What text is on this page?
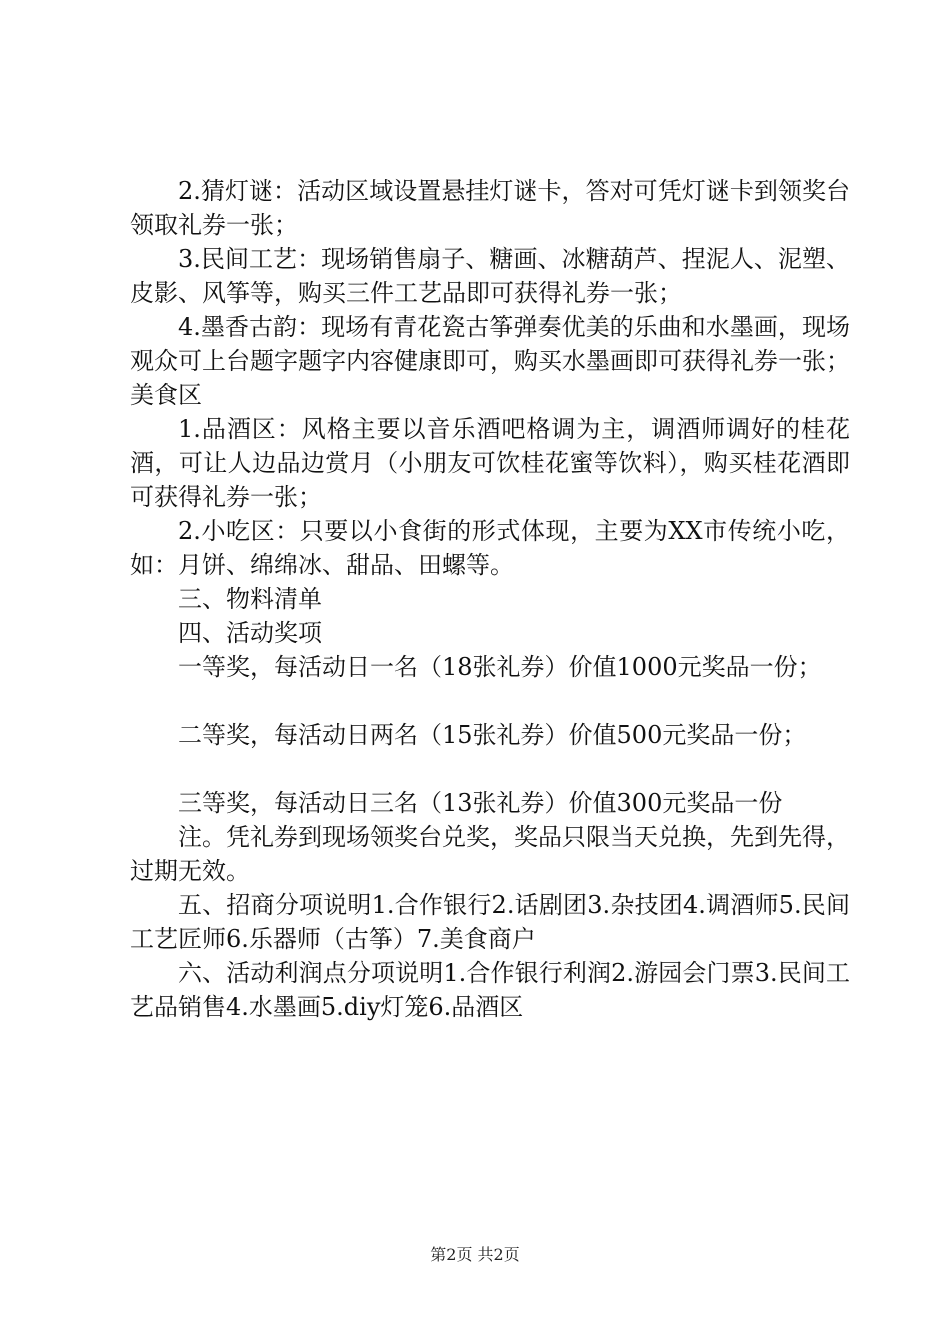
2.猜灯谜：活动区域设置悬挂灯谜卡，答对可凭灯谜卡到领奖台领取礼券一张；

3.民间工艺：现场销售扇子、糖画、冰糖葫芦、捏泥人、泥塑、皮影、风筝等，购买三件工艺品即可获得礼券一张；

4.墨香古韵：现场有青花瓷古筝弹奏优美的乐曲和水墨画，现场观众可上台题字题字内容健康即可，购买水墨画即可获得礼券一张；美食区

1.品酒区：风格主要以音乐酒吧格调为主，调酒师调好的桂花酒，可让人边品边赏月（小朋友可饮桂花蜜等饮料），购买桂花酒即可获得礼券一张；

2.小吃区：只要以小食街的形式体现，主要为XX市传统小吃，如：月饼、绵绵冰、甜品、田螺等。

三、物料清单

四、活动奖项

一等奖，每活动日一名（18张礼券）价值1000元奖品一份；

二等奖，每活动日两名（15张礼券）价值500元奖品一份；

三等奖，每活动日三名（13张礼券）价值300元奖品一份

注。凭礼券到现场领奖台兑奖，奖品只限当天兑换，先到先得，过期无效。

五、招商分项说明1.合作银行2.话剧团3.杂技团4.调酒师5.民间工艺匠师6.乐器师（古筝）7.美食商户

六、活动利润点分项说明1.合作银行利润2.游园会门票3.民间工艺品销售4.水墨画5.diy灯笼6.品酒区

第2页 共2页
